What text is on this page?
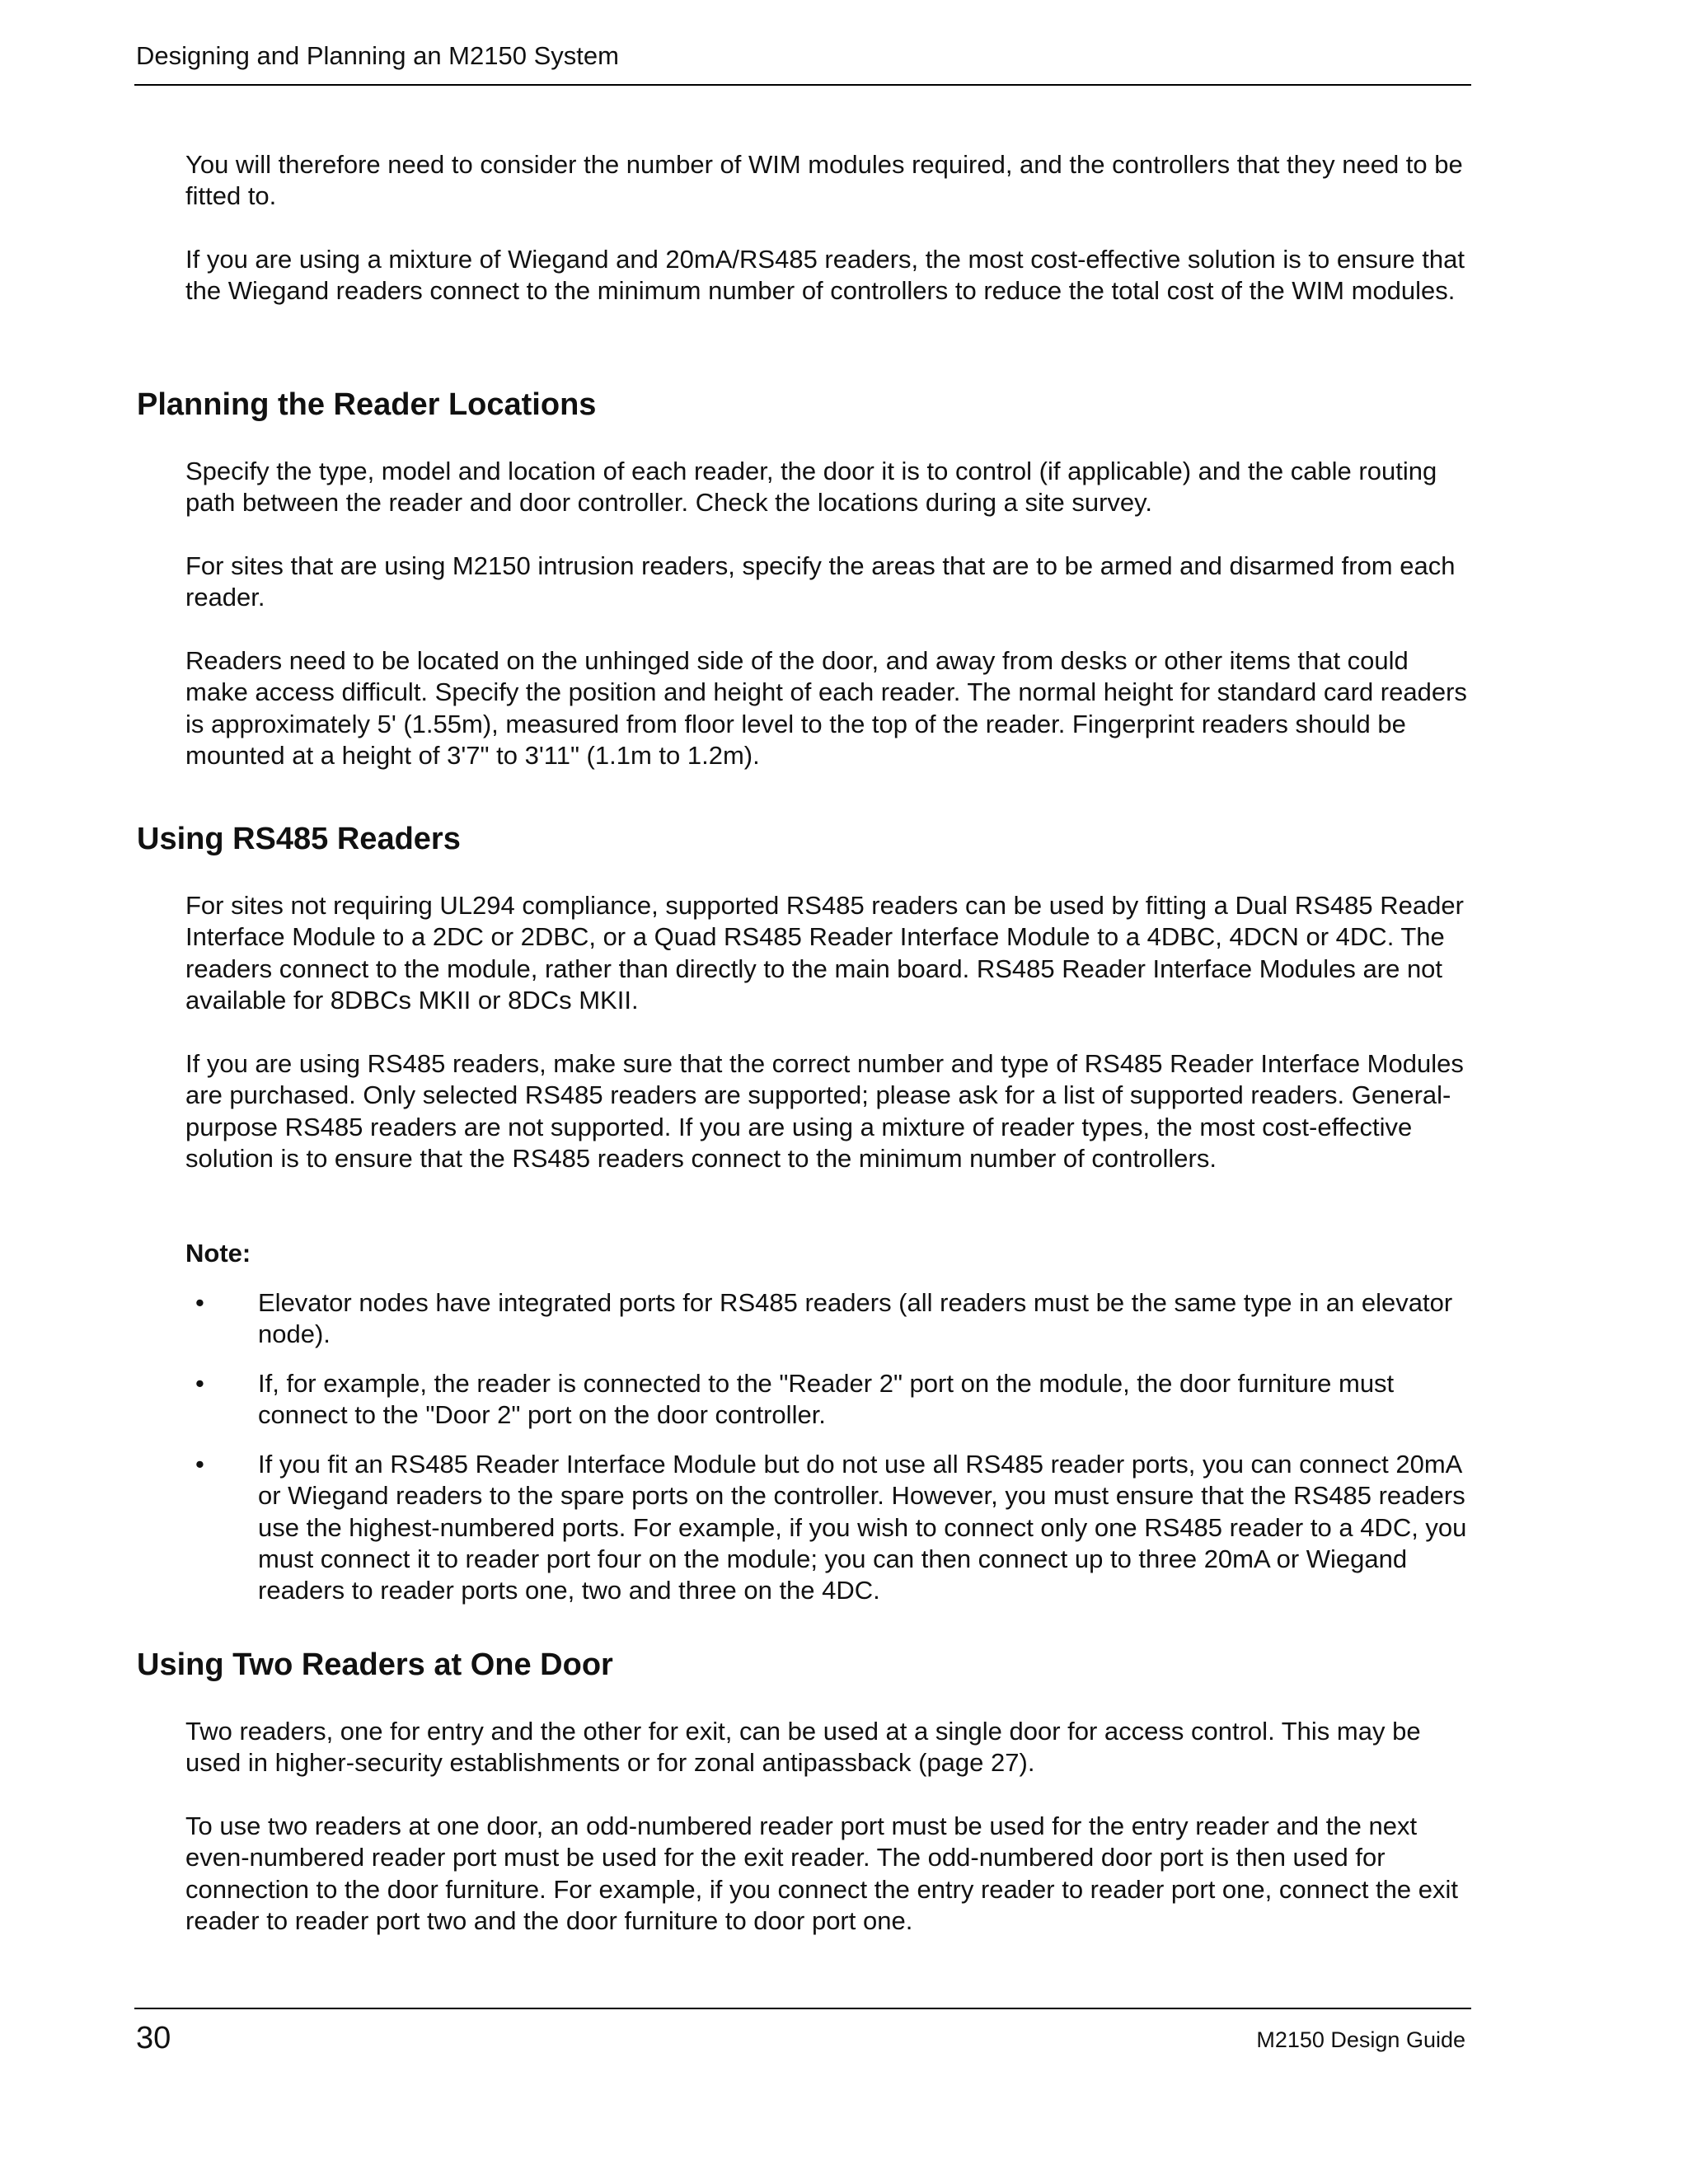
Designing and Planning an M2150 System

You will therefore need to consider the number of WIM modules required, and the controllers that they need to be fitted to.

If you are using a mixture of Wiegand and 20mA/RS485 readers, the most cost-effective solution is to ensure that the Wiegand readers connect to the minimum number of controllers to reduce the total cost of the WIM modules.

Planning the Reader Locations

Specify the type, model and location of each reader, the door it is to control (if applicable) and the cable routing path between the reader and door controller. Check the locations during a site survey.

For sites that are using M2150 intrusion readers, specify the areas that are to be armed and disarmed from each reader.

Readers need to be located on the unhinged side of the door, and away from desks or other items that could make access difficult. Specify the position and height of each reader. The normal height for standard card readers is approximately 5' (1.55m), measured from floor level to the top of the reader. Fingerprint readers should be mounted at a height of 3'7" to 3'11" (1.1m to 1.2m).

Using RS485 Readers

For sites not requiring UL294 compliance, supported RS485 readers can be used by fitting a Dual RS485 Reader Interface Module to a 2DC or 2DBC, or a Quad RS485 Reader Interface Module to a 4DBC, 4DCN or 4DC. The readers connect to the module, rather than directly to the main board. RS485 Reader Interface Modules are not available for 8DBCs MKII or 8DCs MKII.

If you are using RS485 readers, make sure that the correct number and type of RS485 Reader Interface Modules are purchased. Only selected RS485 readers are supported; please ask for a list of supported readers. General-purpose RS485 readers are not supported. If you are using a mixture of reader types, the most cost-effective solution is to ensure that the RS485 readers connect to the minimum number of controllers.

Note:
• Elevator nodes have integrated ports for RS485 readers (all readers must be the same type in an elevator node).
• If, for example, the reader is connected to the "Reader 2" port on the module, the door furniture must connect to the "Door 2" port on the door controller.
• If you fit an RS485 Reader Interface Module but do not use all RS485 reader ports, you can connect 20mA or Wiegand readers to the spare ports on the controller. However, you must ensure that the RS485 readers use the highest-numbered ports. For example, if you wish to connect only one RS485 reader to a 4DC, you must connect it to reader port four on the module; you can then connect up to three 20mA or Wiegand readers to reader ports one, two and three on the 4DC.
Using Two Readers at One Door

Two readers, one for entry and the other for exit, can be used at a single door for access control. This may be used in higher-security establishments or for zonal antipassback (page 27).

To use two readers at one door, an odd-numbered reader port must be used for the entry reader and the next even-numbered reader port must be used for the exit reader. The odd-numbered door port is then used for connection to the door furniture. For example, if you connect the entry reader to reader port one, connect the exit reader to reader port two and the door furniture to door port one.

30	M2150 Design Guide
